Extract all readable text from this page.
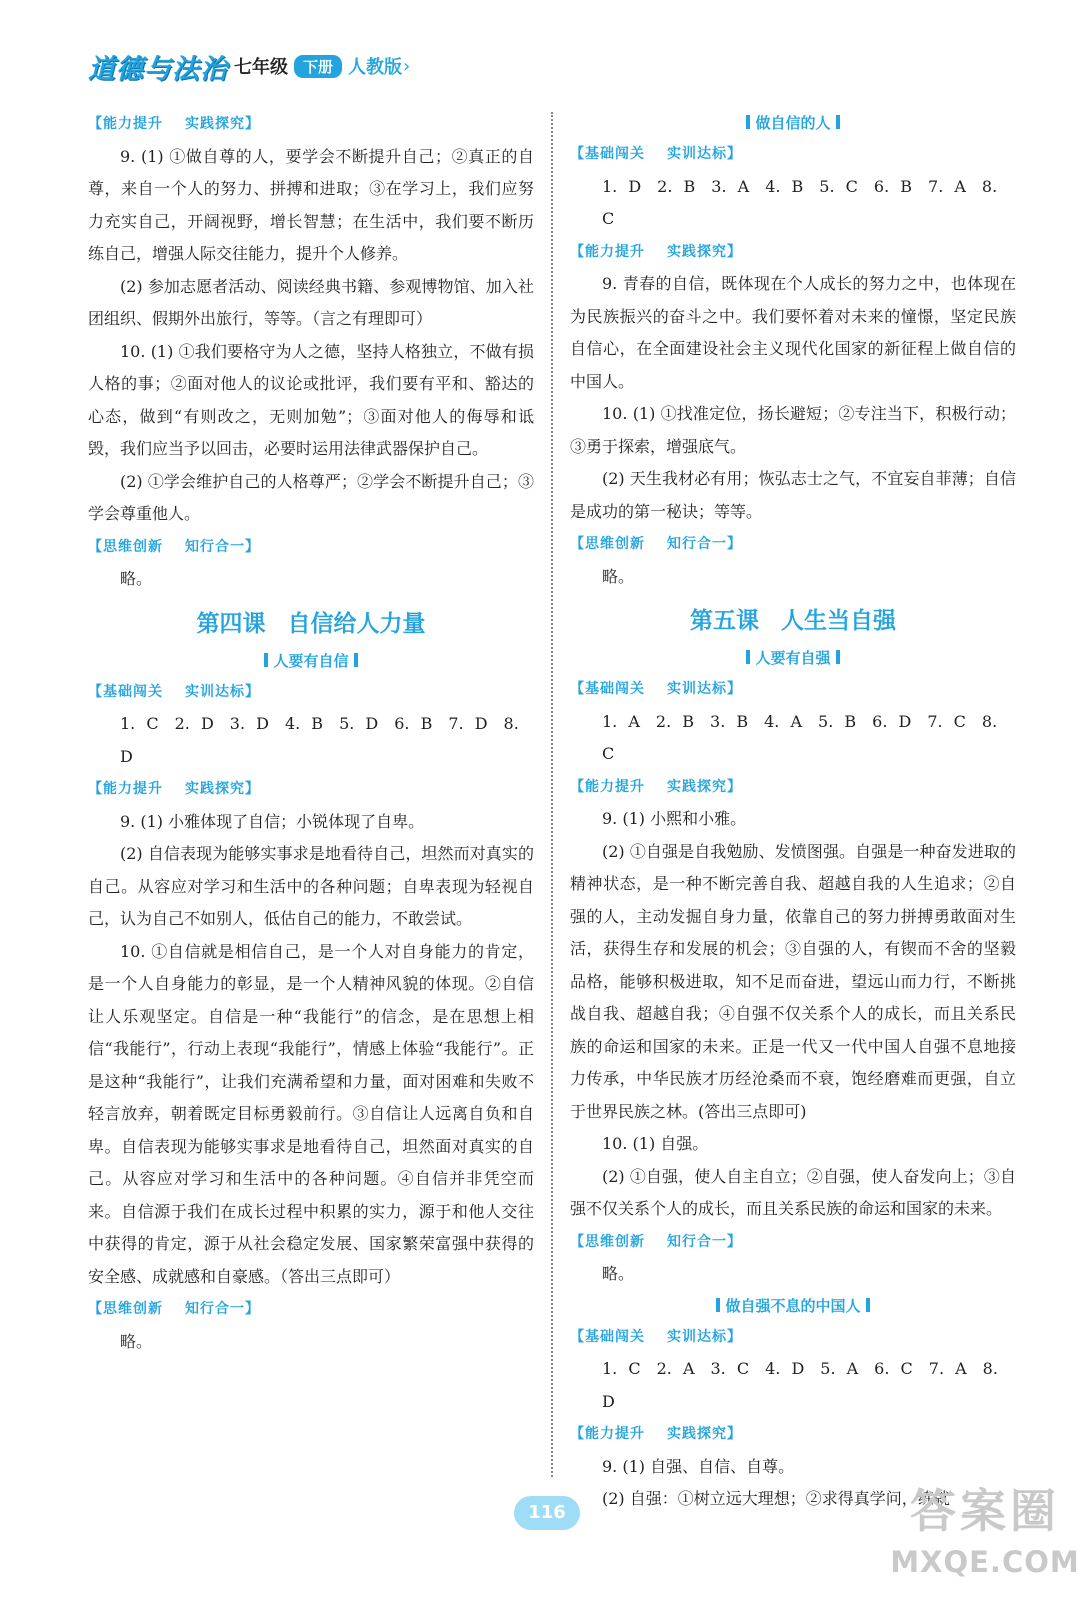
道德与法治 七年级	下册 人教版 ›
【能力提升 实践探究】

9. (1) ①做自尊的人，要学会不断提升自己；②真正的自尊，来自一个人的努力、拼搏和进取；③在学习上，我们应努力充实自己，开阔视野，增长智慧；在生活中，我们要不断历练自己，增强人际交往能力，提升个人修养。

(2) 参加志愿者活动、阅读经典书籍、参观博物馆、加入社团组织、假期外出旅行，等等。（言之有理即可）

10. (1) ①我们要格守为人之德，坚持人格独立，不做有损人格的事；②面对他人的议论或批评，我们要有平和、豁达的心态，做到“有则改之，无则加勉”；③面对他人的侮辱和诋毁，我们应当予以回击，必要时运用法律武器保护自己。

(2) ①学会维护自己的人格尊严；②学会不断提升自己；③学会尊重他人。

【思维创新 知行合一】

略。

第四课 自信给人力量
人要有自信
【基础闯关 实训达标】
1. C　2. D　3. D　4. B　5. D　6. B　7. D　8. D
【能力提升 实践探究】

9. (1) 小雅体现了自信；小锐体现了自卑。

(2) 自信表现为能够实事求是地看待自己，坦然而对真实的自己。从容应对学习和生活中的各种问题；自卑表现为轻视自己，认为自己不如别人，低估自己的能力，不敢尝试。

10. ①自信就是相信自己，是一个人对自身能力的肯定，是一个人自身能力的彰显，是一个人精神风貌的体现。②自信让人乐观坚定。自信是一种“我能行”的信念，是在思想上相信“我能行”，行动上表现“我能行”，情感上体验“我能行”。正是这种“我能行”，让我们充满希望和力量，面对困难和失败不轻言放弃，朝着既定目标勇毅前行。③自信让人远离自负和自卑。自信表现为能够实事求是地看待自己，坦然面对真实的自己。从容应对学习和生活中的各种问题。④自信并非凭空而来。自信源于我们在成长过程中积累的实力，源于和他人交往中获得的肯定，源于从社会稳定发展、国家繁荣富强中获得的安全感、成就感和自豪感。（答出三点即可）

【思维创新 知行合一】

略。

做自信的人
【基础闯关 实训达标】
1. D　2. B　3. A　4. B　5. C　6. B　7. A　8. C
【能力提升 实践探究】

9. 青春的自信，既体现在个人成长的努力之中，也体现在为民族振兴的奋斗之中。我们要怀着对未来的憧憬，坚定民族自信心，在全面建设社会主义现代化国家的新征程上做自信的中国人。

10. (1) ①找准定位，扬长避短；②专注当下，积极行动；③勇于探索，增强底气。

(2) 天生我材必有用；恢弘志士之气，不宜妄自菲薄；自信是成功的第一秘诀；等等。

【思维创新 知行合一】

略。

第五课 人生当自强
人要有自强
【基础闯关 实训达标】
1. A　2. B　3. B　4. A　5. B　6. D　7. C　8. C
【能力提升 实践探究】

9. (1) 小熙和小雅。

(2) ①自强是自我勉励、发愤图强。自强是一种奋发进取的精神状态，是一种不断完善自我、超越自我的人生追求；②自强的人，主动发掘自身力量，依靠自己的努力拼搏勇敢面对生活，获得生存和发展的机会；③自强的人，有锲而不舍的坚毅品格，能够积极进取，知不足而奋进，望远山而力行，不断挑战自我、超越自我；④自强不仅关系个人的成长，而且关系民族的命运和国家的未来。正是一代又一代中国人自强不息地接力传承，中华民族才历经沧桑而不衰，饱经磨难而更强，自立于世界民族之林。(答出三点即可)

10. (1) 自强。

(2) ①自强，使人自主自立；②自强，使人奋发向上；③自强不仅关系个人的成长，而且关系民族的命运和国家的未来。

【思维创新 知行合一】

略。

做自强不息的中国人
【基础闯关 实训达标】
1. C　2. A　3. C　4. D　5. A　6. C　7. A　8. D
【能力提升 实践探究】

9. (1) 自强、自信、自尊。

(2) 自强：①树立远大理想；②求得真学问，练就

116	答案圈
MXQE.COM
